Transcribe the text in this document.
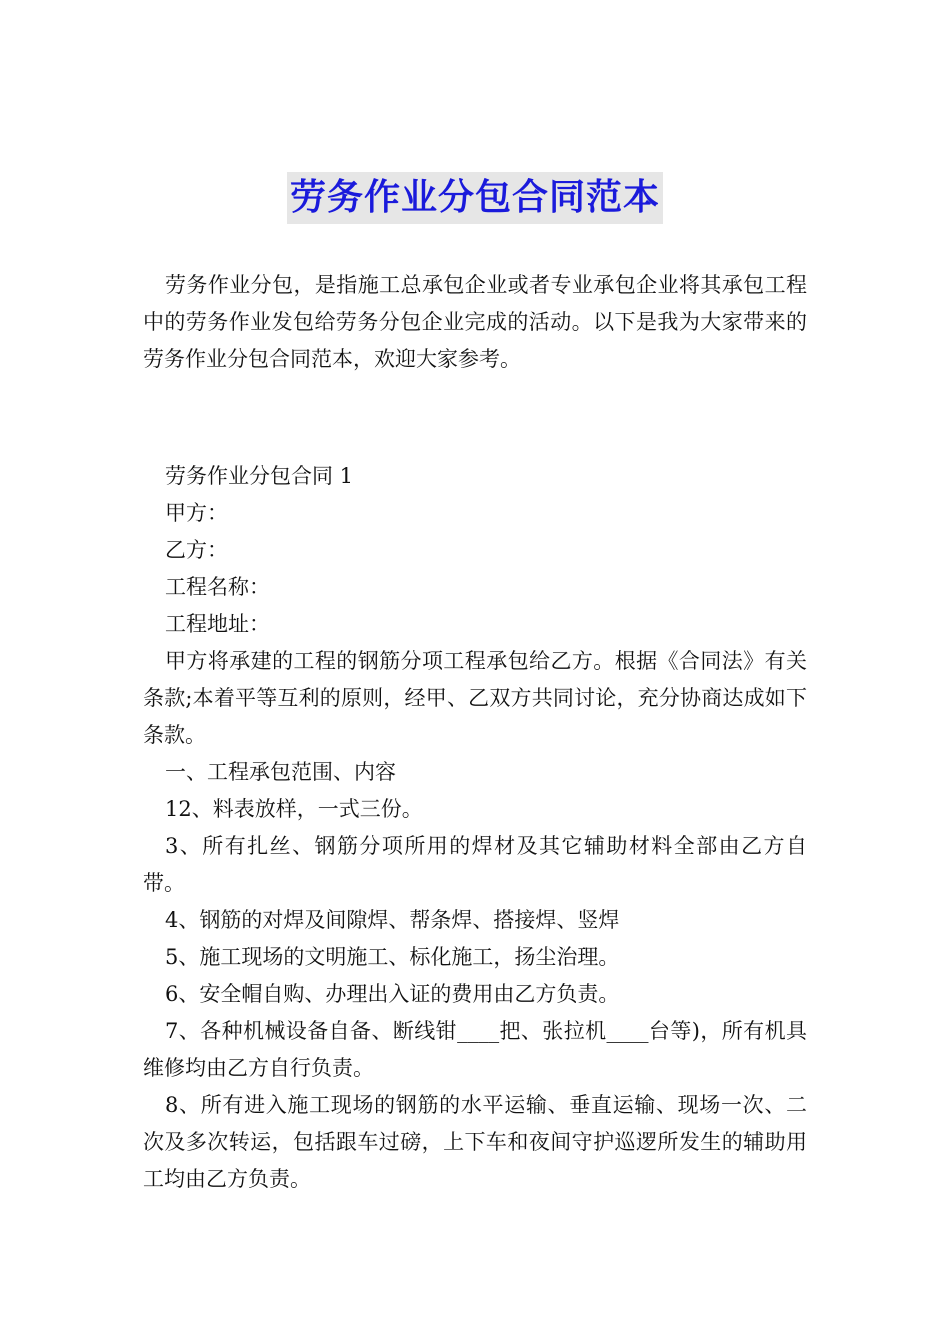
劳务作业分包合同范本

劳务作业分包，是指施工总承包企业或者专业承包企业将其承包工程中的劳务作业发包给劳务分包企业完成的活动。以下是我为大家带来的劳务作业分包合同范本，欢迎大家参考。

劳务作业分包合同 1

甲方：

乙方：

工程名称：

工程地址：

甲方将承建的工程的钢筋分项工程承包给乙方。根据《合同法》有关条款;本着平等互利的原则，经甲、乙双方共同讨论，充分协商达成如下条款。

一、工程承包范围、内容

12、料表放样，一式三份。

3、所有扎丝、钢筋分项所用的焊材及其它辅助材料全部由乙方自带。

4、钢筋的对焊及间隙焊、帮条焊、搭接焊、竖焊

5、施工现场的文明施工、标化施工，扬尘治理。

6、安全帽自购、办理出入证的费用由乙方负责。

7、各种机械设备自备、断线钳____把、张拉机____台等)，所有机具维修均由乙方自行负责。

8、所有进入施工现场的钢筋的水平运输、垂直运输、现场一次、二次及多次转运，包括跟车过磅，上下车和夜间守护巡逻所发生的辅助用工均由乙方负责。
